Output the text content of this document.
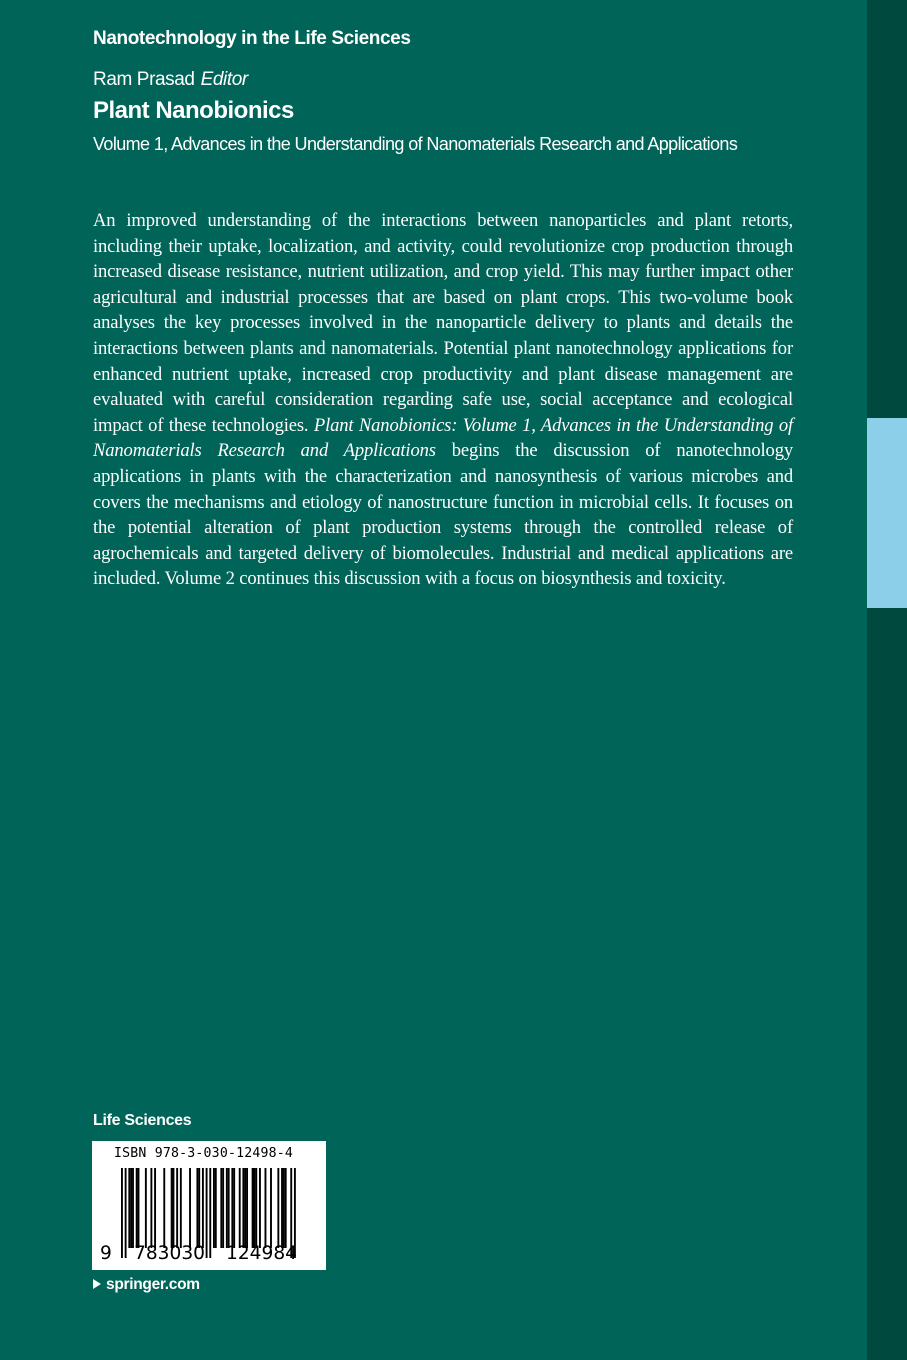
Nanotechnology in the Life Sciences
Ram Prasad Editor
Plant Nanobionics
Volume 1, Advances in the Understanding of Nanomaterials Research and Applications

An improved understanding of the interactions between nanoparticles and plant retorts, including their uptake, localization, and activity, could revolutionize crop production through increased disease resistance, nutrient utilization, and crop yield. This may further impact other agricultural and industrial processes that are based on plant crops. This two-volume book analyses the key processes involved in the nanoparticle delivery to plants and details the interactions between plants and nanomaterials. Potential plant nanotechnology applications for enhanced nutrient uptake, increased crop productivity and plant disease management are evaluated with careful consideration regarding safe use, social acceptance and ecological impact of these technologies. Plant Nanobionics: Volume 1, Advances in the Understanding of Nanomaterials Research and Applications begins the discussion of nanotechnology applications in plants with the characterization and nanosynthesis of various microbes and covers the mechanisms and etiology of nanostructure function in microbial cells. It focuses on the potential alteration of plant production systems through the controlled release of agrochemicals and targeted delivery of biomolecules. Industrial and medical applications are included. Volume 2 continues this discussion with a focus on biosynthesis and toxicity.

Life Sciences
ISBN 978-3-030-12498-4
9 783030 124984
springer.com
